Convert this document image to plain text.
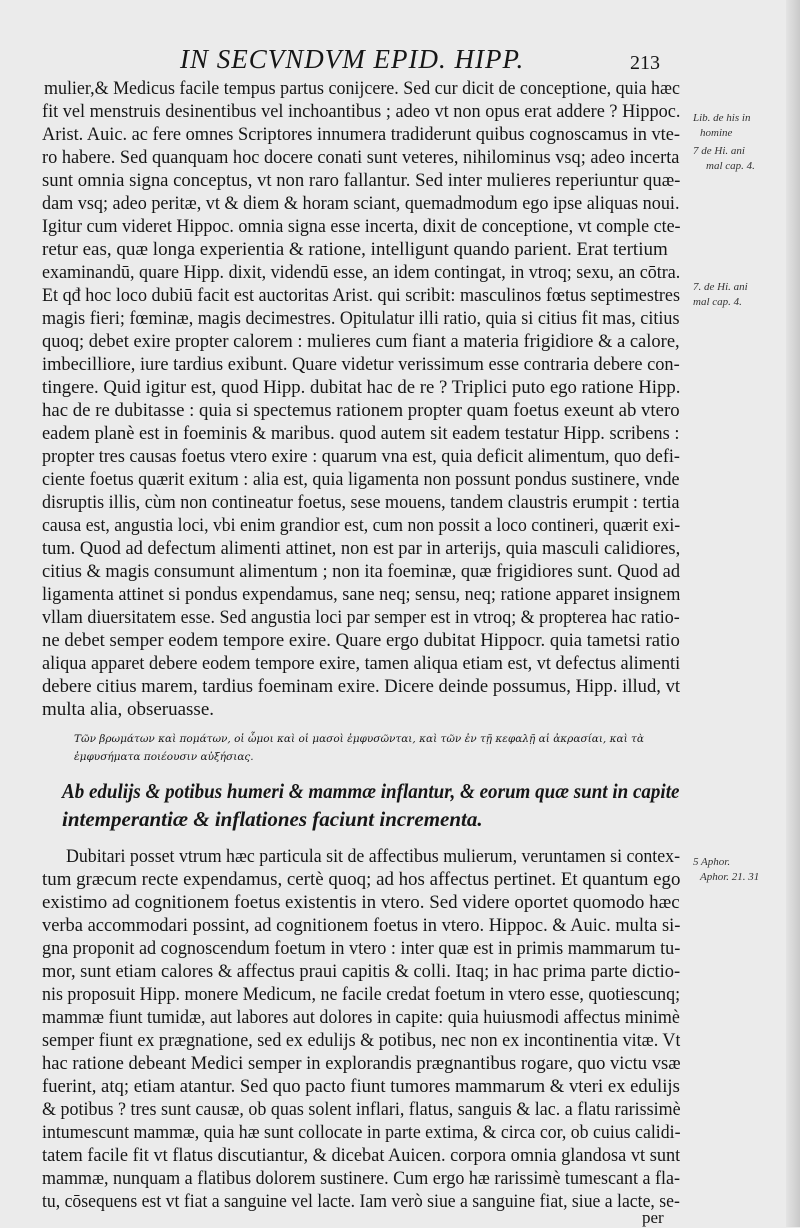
IN SECVNDVM EPID. HIPP.	213
mulier,& Medicus facile tempus partus conijcere. Sed cur dicit de conceptione, quia hæc
fit vel menstruis desinentibus vel inchoantibus ; adeo vt non opus erat addere ? Hippoc.
Arist. Auic. ac fere omnes Scriptores innumera tradiderunt quibus cognoscamus in vte-
ro habere. Sed quanquam hoc docere conati sunt veteres, nihilominus vsq; adeo incerta
sunt omnia signa conceptus, vt non raro fallantur. Sed inter mulieres reperiuntur quæ-
dam vsq; adeo peritæ, vt & diem & horam sciant, quemadmodum ego ipse aliquas noui.
Igitur cum videret Hippoc. omnia signa esse incerta, dixit de conceptione, vt comple cte-
retur eas, quæ longa experientia & ratione, intelligunt quando parient. Erat tertium
examinandū, quare Hipp. dixit, videndū esse, an idem contingat, in vtroq; sexu, an cōtra.
Et qđ hoc loco dubiū facit est auctoritas Arist. qui scribit: masculinos fœtus septimestres
magis fieri; fœminæ, magis decimestres. Opitulatur illi ratio, quia si citius fit mas, citius
quoq; debet exire propter calorem : mulieres cum fiant a materia frigidiore & a calore,
imbecilliore, iure tardius exibunt. Quare videtur verissimum esse contraria debere con-
tingere. Quid igitur est, quod Hipp. dubitat hac de re ? Triplici puto ego ratione Hipp.
hac de re dubitasse : quia si spectemus rationem propter quam foetus exeunt ab vtero
eadem planè est in foeminis & maribus. quod autem sit eadem testatur Hipp. scribens :
propter tres causas foetus vtero exire : quarum vna est, quia deficit alimentum, quo defi-
ciente foetus quærit exitum : alia est, quia ligamenta non possunt pondus sustinere, vnde
disruptis illis, cùm non contineatur foetus, sese mouens, tandem claustris erumpit : tertia
causa est, angustia loci, vbi enim grandior est, cum non possit a loco contineri, quærit exi-
tum. Quod ad defectum alimenti attinet, non est par in arterijs, quia masculi calidiores,
citius & magis consumunt alimentum ; non ita foeminæ, quæ frigidiores sunt. Quod ad
ligamenta attinet si pondus expendamus, sane neq; sensu, neq; ratione apparet insignem
vllam diuersitatem esse. Sed angustia loci par semper est in vtroq; & propterea hac ratio-
ne debet semper eodem tempore exire. Quare ergo dubitat Hippocr. quia tametsi ratio
aliqua apparet debere eodem tempore exire, tamen aliqua etiam est, vt defectus alimenti
debere citius marem, tardius foeminam exire. Dicere deinde possumus, Hipp. illud, vt
multa alia, obseruasse.
Τῶν βρωμάτων καὶ πομάτων, οἱ ὦμοι καὶ οἱ μασοὶ ἐμφυσῶνται, καὶ τῶν ἐν τῇ κεφαλῇ αἱ ἀκρασίαι, καὶ τὰ
ἐμφυσήματα ποιέουσιν αὐξήσιας.
Ab edulijs & potibus humeri & mammæ inflantur, & eorum quæ sunt in capite
intemperantiæ & inflationes faciunt incrementa.
Dubitari posset vtrum hæc particula sit de affectibus mulierum, veruntamen si contex-
tum græcum recte expendamus, certè quoq; ad hos affectus pertinet. Et quantum ego
existimo ad cognitionem foetus existentis in vtero. Sed videre oportet quomodo hæc
verba accommodari possint, ad cognitionem foetus in vtero. Hippoc. & Auic. multa si-
gna proponit ad cognoscendum foetum in vtero : inter quæ est in primis mammarum tu-
mor, sunt etiam calores & affectus praui capitis & colli. Itaq; in hac prima parte dictio-
nis proposuit Hipp. monere Medicum, ne facile credat foetum in vtero esse, quotiescunq;
mammæ fiunt tumidæ, aut labores aut dolores in capite: quia huiusmodi affectus minimè
semper fiunt ex prægnatione, sed ex edulijs & potibus, nec non ex incontinentia vitæ. Vt
hac ratione debeant Medici semper in explorandis prægnantibus rogare, quo victu vsæ
fuerint, atq; etiam atantur. Sed quo pacto fiunt tumores mammarum & vteri ex edulijs
& potibus ? tres sunt causæ, ob quas solent inflari, flatus, sanguis & lac. a flatu rarissimè
intumescunt mammæ, quia hæ sunt collocate in parte extima, & circa cor, ob cuius calidi-
tatem facile fit vt flatus discutiantur, & dicebat Auicen. corpora omnia glandosa vt sunt
mammæ, nunquam a flatibus dolorem sustinere. Cum ergo hæ rarissimè tumescant a fla-
tu, cōsequens est vt fiat a sanguine vel lacte. Iam verò siue a sanguine fiat, siue a lacte, se-
per
Lib. de his in
homine
7 de Hi. ani
mal cap. 4.
7. de Hi. ani
mal cap. 4.
5 Aphor.
Aphor. 21. 31
